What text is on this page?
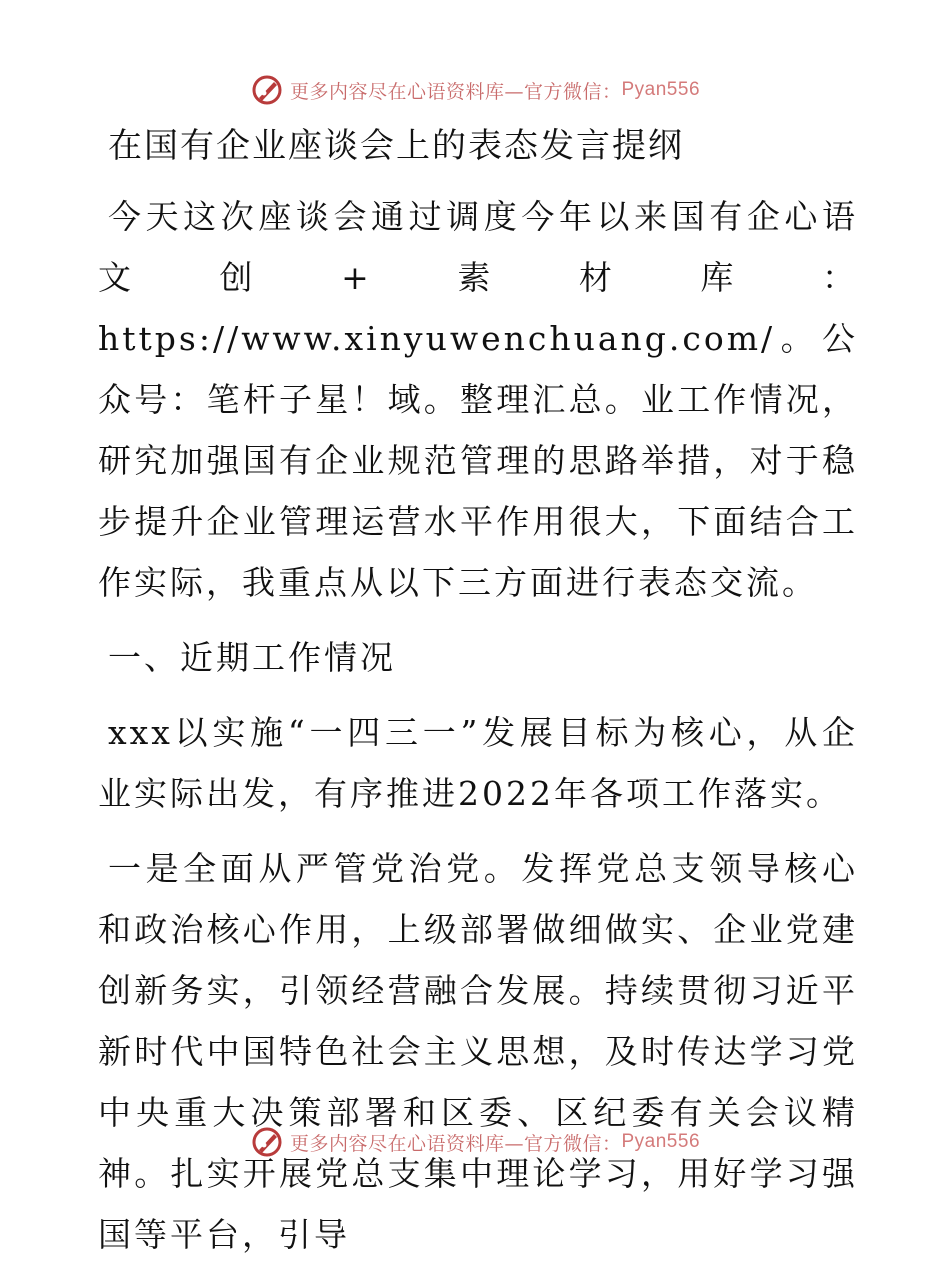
更多内容尽在心语资料库—官方微信： Pyan556
在国有企业座谈会上的表态发言提纲

今天这次座谈会通过调度今年以来国有企心语文创+素材库：https://www.xinyuwenchuang.com/。公众号：笔杆子星！域。整理汇总。业工作情况，研究加强国有企业规范管理的思路举措，对于稳步提升企业管理运营水平作用很大，下面结合工作实际，我重点从以下三方面进行表态交流。

一、近期工作情况

xxx以实施“一四三一”发展目标为核心，从企业实际出发，有序推进2022年各项工作落实。

一是全面从严管党治党。发挥党总支领导核心和政治核心作用，上级部署做细做实、企业党建创新务实，引领经营融合发展。持续贯彻习近平新时代中国特色社会主义思想，及时传达学习党中央重大决策部署和区委、区纪委有关会议精神。扎实开展党总支集中理论学习，用好学习强国等平台，引导

更多内容尽在心语资料库—官方微信： Pyan556
